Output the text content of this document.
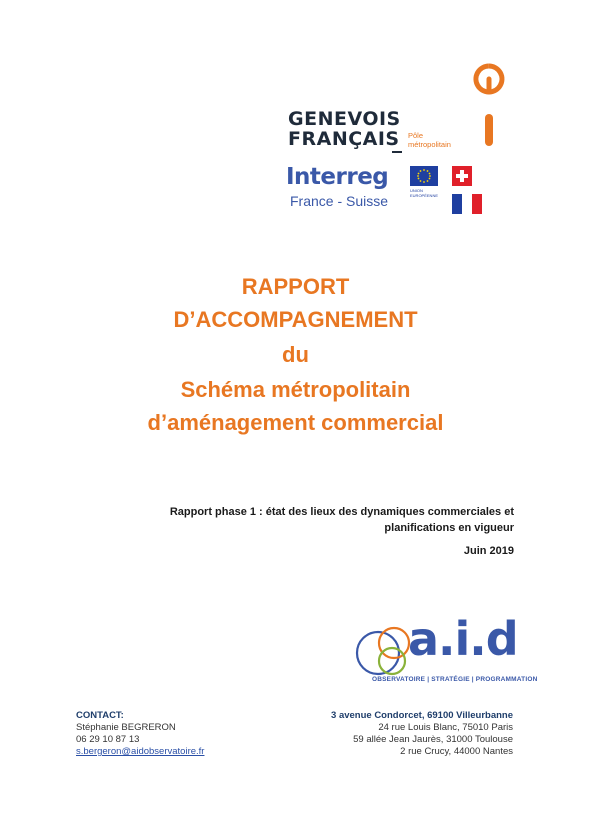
GENEVOIS
FRANÇAIS Pôle
métropolitain
Interreg
France - Suisse
UNION EUROPÉENNE
RAPPORT
D’ACCOMPAGNEMENT
du
Schéma métropolitain
d’aménagement commercial
Rapport phase 1 : état des lieux des dynamiques commerciales et
planifications en vigueur
Juin 2019
a.i.d
OBSERVATOIRE | STRATÉGIE | PROGRAMMATION
CONTACT:
Stéphanie BEGRERON
06 29 10 87 13
s.bergeron@aidobservatoire.fr
3 avenue Condorcet, 69100 Villeurbanne
24 rue Louis Blanc, 75010 Paris
59 allée Jean Jaurès, 31000 Toulouse
2 rue Crucy, 44000 Nantes
